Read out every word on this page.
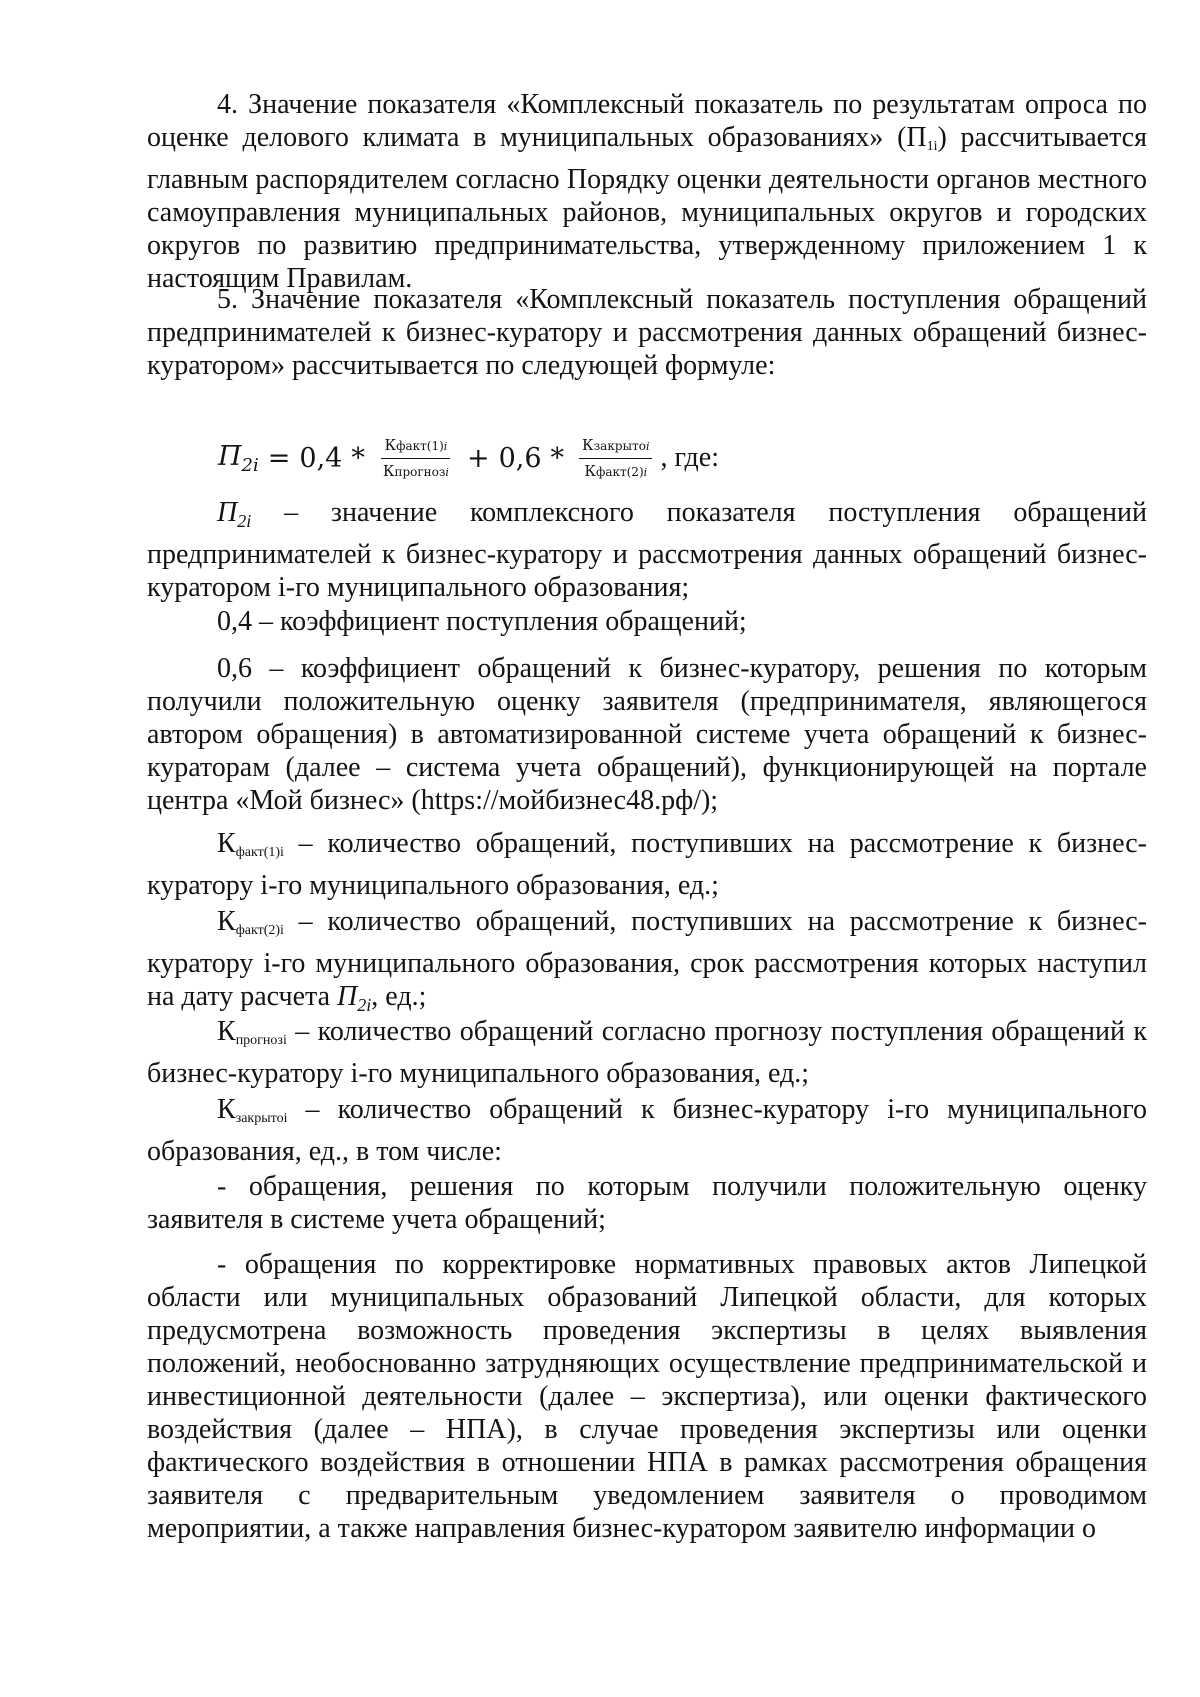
4. Значение показателя «Комплексный показатель по результатам опроса по оценке делового климата в муниципальных образованиях» $(П_{1i})$ рассчитывается главным распорядителем согласно Порядку оценки деятельности органов местного самоуправления муниципальных районов, муниципальных округов и городских округов по развитию предпринимательства, утвержденному приложением 1 к настоящим Правилам.

5. Значение показателя «Комплексный показатель поступления обращений предпринимателей к бизнес-куратору и рассмотрения данных обращений бизнес-куратором» рассчитывается по следующей формуле:

$П_{2i} = 0,4 * \frac{\text{Кфакт(1)i}}{\text{Кпрогнозi}} + 0,6 * \frac{\text{Кзакрытоi}}{\text{Кфакт(2)i}}$ , где:

$П_{2i}$ – значение комплексного показателя поступления обращений предпринимателей к бизнес-куратору и рассмотрения данных обращений бизнес-куратором i-го муниципального образования;

0,4 – коэффициент поступления обращений;

0,6 – коэффициент обращений к бизнес-куратору, решения по которым получили положительную оценку заявителя (предпринимателя, являющегося автором обращения) в автоматизированной системе учета обращений к бизнес-кураторам (далее – система учета обращений), функционирующей на портале центра «Мой бизнес» (https://мойбизнес48.рф/);

$К_{факт(1)i}$ – количество обращений, поступивших на рассмотрение к бизнес-куратору i-го муниципального образования, ед.;

$К_{факт(2)i}$ – количество обращений, поступивших на рассмотрение к бизнес-куратору i-го муниципального образования, срок рассмотрения которых наступил на дату расчета $П_{2i}$, ед.;

$К_{прогнозi}$ – количество обращений согласно прогнозу поступления обращений к бизнес-куратору i-го муниципального образования, ед.;

$К_{закрытоi}$ – количество обращений к бизнес-куратору i-го муниципального образования, ед., в том числе:

- обращения, решения по которым получили положительную оценку заявителя в системе учета обращений;

- обращения по корректировке нормативных правовых актов Липецкой области или муниципальных образований Липецкой области, для которых предусмотрена возможность проведения экспертизы в целях выявления положений, необоснованно затрудняющих осуществление предпринимательской и инвестиционной деятельности (далее – экспертиза), или оценки фактического воздействия (далее – НПА), в случае проведения экспертизы или оценки фактического воздействия в отношении НПА в рамках рассмотрения обращения заявителя с предварительным уведомлением заявителя о проводимом мероприятии, а также направления бизнес-куратором заявителю информации о
